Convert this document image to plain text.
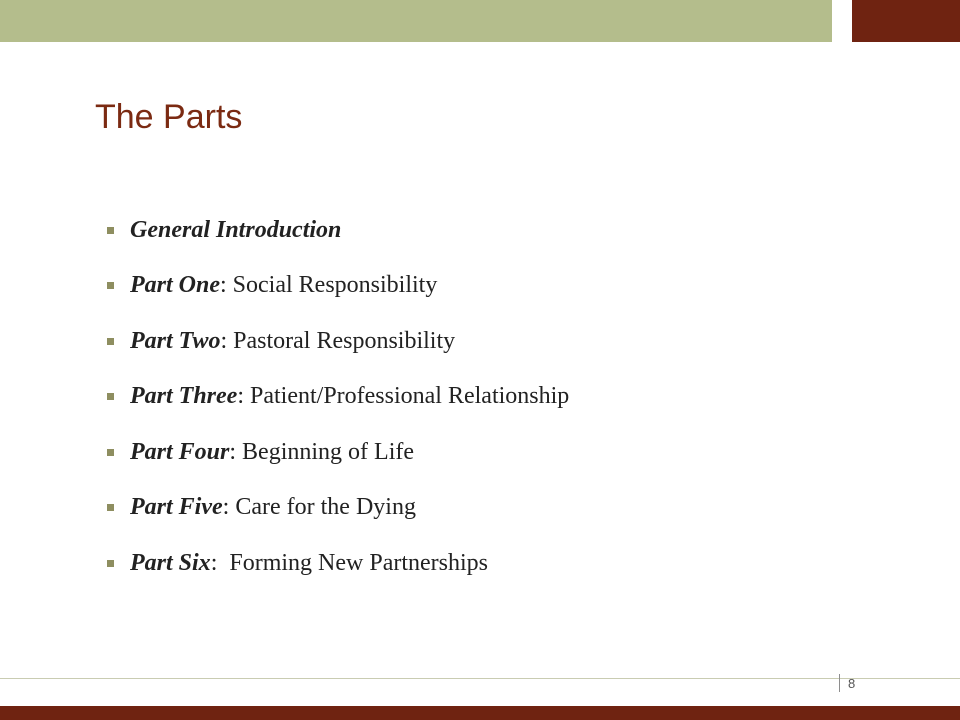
The Parts
General Introduction
Part One : Social Responsibility
Part Two : Pastoral Responsibility
Part Three : Patient/Professional Relationship
Part Four : Beginning of Life
Part Five : Care for the Dying
Part Six : Forming New Partnerships
8
